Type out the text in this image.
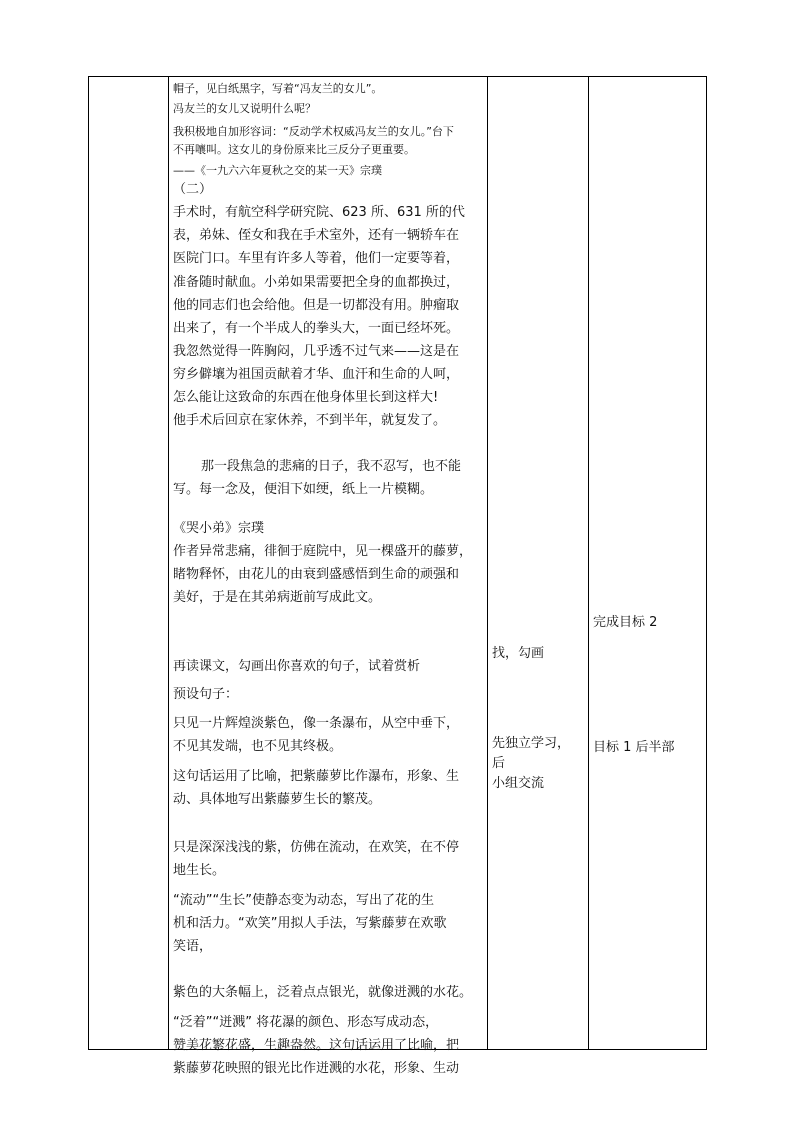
帽子，见白纸黑字，写着“冯友兰的女儿”。
冯友兰的女儿又说明什么呢？
我积极地自加形容词：“反动学术权威冯友兰的女儿。”台下
不再嚷叫。这女儿的身份原来比三反分子更重要。
——《一九六六年夏秋之交的某一天》宗璞
（二）
手术时，有航空科学研究院、623 所、631 所的代
表，弟妹、侄女和我在手术室外，还有一辆轿车在
医院门口。车里有许多人等着，他们一定要等着，
准备随时献血。小弟如果需要把全身的血都换过，
他的同志们也会给他。但是一切都没有用。肿瘤取
出来了，有一个半成人的拳头大，一面已经坏死。
我忽然觉得一阵胸闷，几乎透不过气来——这是在
穷乡僻壤为祖国贡献着才华、血汗和生命的人呵，
怎么能让这致命的东西在他身体里长到这样大!
他手术后回京在家休养，不到半年，就复发了。
那一段焦急的悲痛的日子，我不忍写，也不能
写。每一念及，便泪下如绠，纸上一片模糊。
《哭小弟》宗璞
作者异常悲痛，徘徊于庭院中，见一棵盛开的藤萝，
睹物释怀，由花儿的由衰到盛感悟到生命的顽强和
美好，于是在其弟病逝前写成此文。
再读课文，勾画出你喜欢的句子，试着赏析
预设句子：
只见一片辉煌淡紫色，像一条瀑布，从空中垂下，
不见其发端，也不见其终极。
这句话运用了比喻，把紫藤萝比作瀑布，形象、生
动、具体地写出紫藤萝生长的繁茂。
只是深深浅浅的紫，仿佛在流动，在欢笑，在不停
地生长。
“流动”“生长”使静态变为动态，写出了花的生
机和活力。“欢笑”用拟人手法，写紫藤萝在欢歌
笑语，
紫色的大条幅上，泛着点点银光，就像迸溅的水花。
“泛着”“迸溅” 将花瀑的颜色、形态写成动态，
赞美花繁花盛，生趣盎然。这句话运用了比喻，把
紫藤萝花映照的银光比作迸溅的水花，形象、生动
找，勾画
先独立学习，
后
小组交流
完成目标 2
目标 1 后半部
